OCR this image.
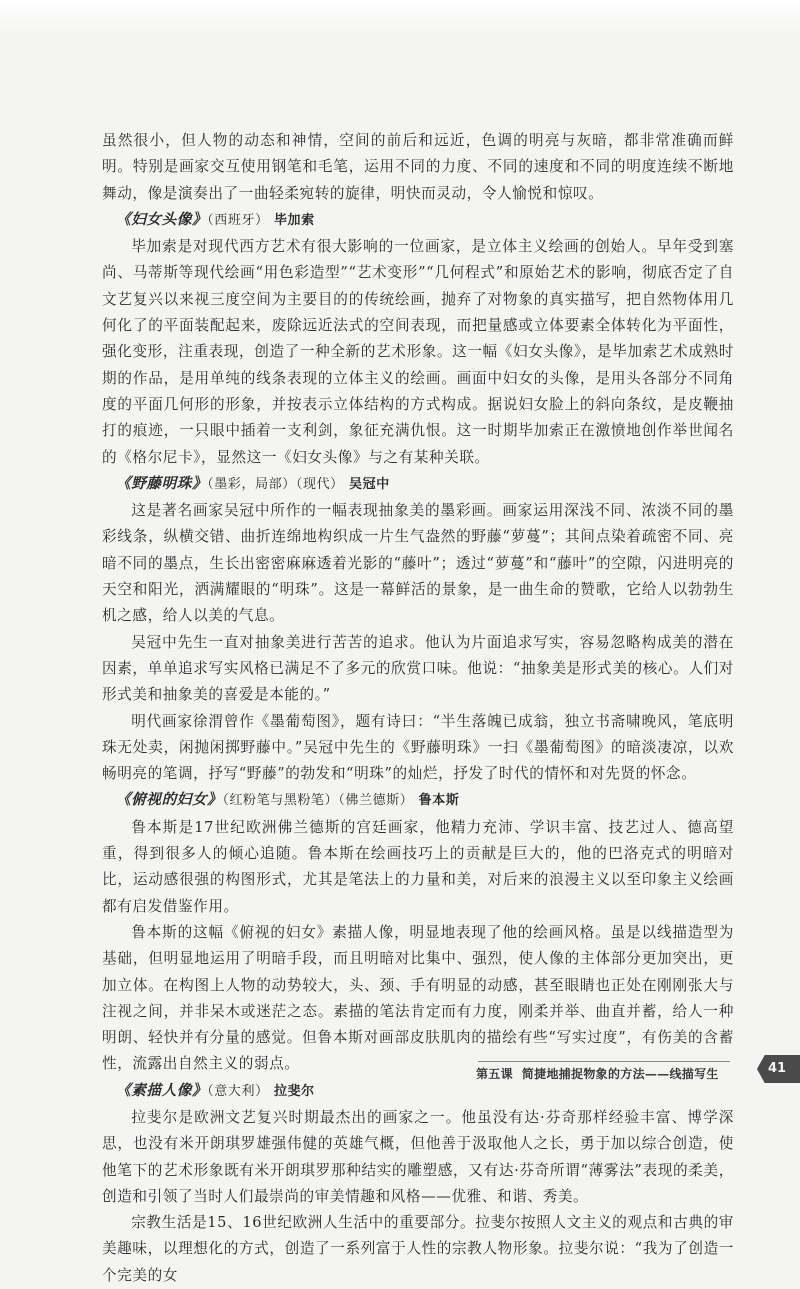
虽然很小，但人物的动态和神情，空间的前后和远近，色调的明亮与灰暗，都非常准确而鲜明。特别是画家交互使用钢笔和毛笔，运用不同的力度、不同的速度和不同的明度连续不断地舞动，像是演奏出了一曲轻柔宛转的旋律，明快而灵动，令人愉悦和惊叹。

《妇女头像》（西班牙） 毕加索

毕加索是对现代西方艺术有很大影响的一位画家，是立体主义绘画的创始人。早年受到塞尚、马蒂斯等现代绘画“用色彩造型”“艺术变形”“几何程式”和原始艺术的影响，彻底否定了自文艺复兴以来视三度空间为主要目的的传统绘画，抛弃了对物象的真实描写，把自然物体用几何化了的平面装配起来，废除远近法式的空间表现，而把量感或立体要素全体转化为平面性，强化变形，注重表现，创造了一种全新的艺术形象。这一幅《妇女头像》，是毕加索艺术成熟时期的作品，是用单纯的线条表现的立体主义的绘画。画面中妇女的头像，是用头各部分不同角度的平面几何形的形象，并按表示立体结构的方式构成。据说妇女脸上的斜向条纹，是皮鞭抽打的痕迹，一只眼中插着一支利剑，象征充满仇恨。这一时期毕加索正在激愤地创作举世闻名的《格尔尼卡》，显然这一《妇女头像》与之有某种关联。

《野藤明珠》（墨彩，局部）（现代） 吴冠中

这是著名画家吴冠中所作的一幅表现抽象美的墨彩画。画家运用深浅不同、浓淡不同的墨彩线条，纵横交错、曲折连绵地构织成一片生气盎然的野藤“萝蔓”；其间点染着疏密不同、亮暗不同的墨点，生长出密密麻麻透着光影的“藤叶”；透过“萝蔓”和“藤叶”的空隙，闪进明亮的天空和阳光，洒满耀眼的“明珠”。这是一幕鲜活的景象，是一曲生命的赞歌，它给人以勃勃生机之感，给人以美的气息。

吴冠中先生一直对抽象美进行苦苦的追求。他认为片面追求写实，容易忽略构成美的潜在因素，单单追求写实风格已满足不了多元的欣赏口味。他说：“抽象美是形式美的核心。人们对形式美和抽象美的喜爱是本能的。”

明代画家徐渭曾作《墨葡萄图》，题有诗曰：“半生落魄已成翁，独立书斋啸晚风，笔底明珠无处卖，闲抛闲掷野藤中。”吴冠中先生的《野藤明珠》一扫《墨葡萄图》的暗淡凄凉，以欢畅明亮的笔调，抒写“野藤”的勃发和“明珠”的灿烂，抒发了时代的情怀和对先贤的怀念。

《俯视的妇女》（红粉笔与黑粉笔）（佛兰德斯） 鲁本斯

鲁本斯是17世纪欧洲佛兰德斯的宫廷画家，他精力充沛、学识丰富、技艺过人、德高望重，得到很多人的倾心追随。鲁本斯在绘画技巧上的贡献是巨大的，他的巴洛克式的明暗对比，运动感很强的构图形式，尤其是笔法上的力量和美，对后来的浪漫主义以至印象主义绘画都有启发借鉴作用。

鲁本斯的这幅《俯视的妇女》素描人像，明显地表现了他的绘画风格。虽是以线描造型为基础，但明显地运用了明暗手段，而且明暗对比集中、强烈，使人像的主体部分更加突出，更加立体。在构图上人物的动势较大，头、颈、手有明显的动感，甚至眼睛也正处在刚刚张大与注视之间，并非呆木或迷茫之态。素描的笔法肯定而有力度，刚柔并举、曲直并蓄，给人一种明朗、轻快并有分量的感觉。但鲁本斯对画部皮肤肌肉的描绘有些“写实过度”，有伤美的含蓄性，流露出自然主义的弱点。

《素描人像》（意大利） 拉斐尔

拉斐尔是欧洲文艺复兴时期最杰出的画家之一。他虽没有达·芬奇那样经验丰富、博学深思，也没有米开朗琪罗雄强伟健的英雄气概，但他善于汲取他人之长，勇于加以综合创造，使他笔下的艺术形象既有米开朗琪罗那种结实的雕塑感，又有达·芬奇所谓“薄雾法”表现的柔美，创造和引领了当时人们最崇尚的审美情趣和风格——优雅、和谐、秀美。

宗教生活是15、16世纪欧洲人生活中的重要部分。拉斐尔按照人文主义的观点和古典的审美趣味，以理想化的方式，创造了一系列富于人性的宗教人物形象。拉斐尔说：“我为了创造一个完美的女

第五课 简捷地捕捉物象的方法——线描写生	41
